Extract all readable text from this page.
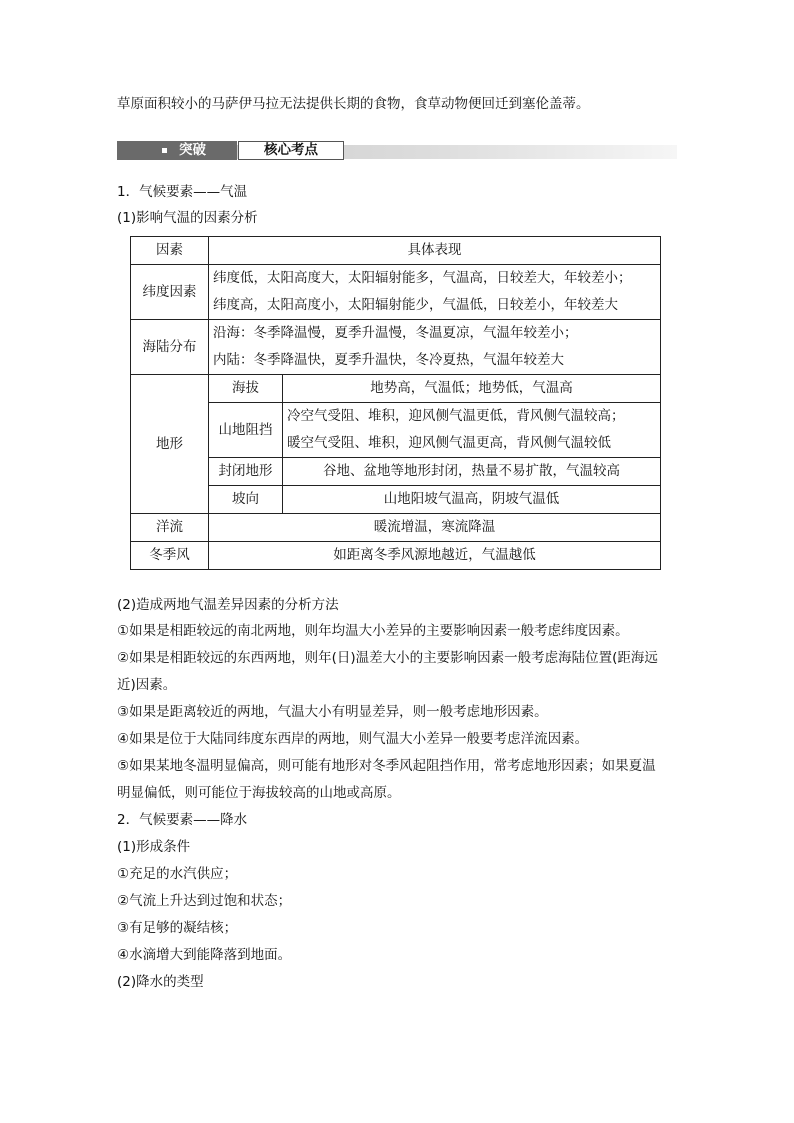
草原面积较小的马萨伊马拉无法提供长期的食物，食草动物便回迁到塞伦盖蒂。
突破	核心考点
1．气候要素——气温
(1)影响气温的因素分析
因素	具体表现	
纬度因素	纬度低，太阳高度大，太阳辐射能多，气温高，日较差大，年较差小；
纬度高，太阳高度小，太阳辐射能少，气温低，日较差小，年较差大	

海陆分布	沿海：冬季降温慢，夏季升温慢，冬温夏凉，气温年较差小；
内陆：冬季降温快，夏季升温快，冬冷夏热，气温年较差大	

地形	海拔	地势高，气温低；地势低，气温高
	山地阻挡	冷空气受阻、堆积，迎风侧气温更低，背风侧气温较高；
暖空气受阻、堆积，迎风侧气温更高，背风侧气温较低

	封闭地形	谷地、盆地等地形封闭，热量不易扩散，气温较高
	坡向	山地阳坡气温高，阴坡气温低
洋流	暖流增温，寒流降温	
冬季风	如距离冬季风源地越近，气温越低	
(2)造成两地气温差异因素的分析方法
①如果是相距较远的南北两地，则年均温大小差异的主要影响因素一般考虑纬度因素。
②如果是相距较远的东西两地，则年(日)温差大小的主要影响因素一般考虑海陆位置(距海远
近)因素。
③如果是距离较近的两地，气温大小有明显差异，则一般考虑地形因素。
④如果是位于大陆同纬度东西岸的两地，则气温大小差异一般要考虑洋流因素。
⑤如果某地冬温明显偏高，则可能有地形对冬季风起阻挡作用，常考虑地形因素；如果夏温
明显偏低，则可能位于海拔较高的山地或高原。
2．气候要素——降水
(1)形成条件
①充足的水汽供应；
②气流上升达到过饱和状态；
③有足够的凝结核；
④水滴增大到能降落到地面。
(2)降水的类型
